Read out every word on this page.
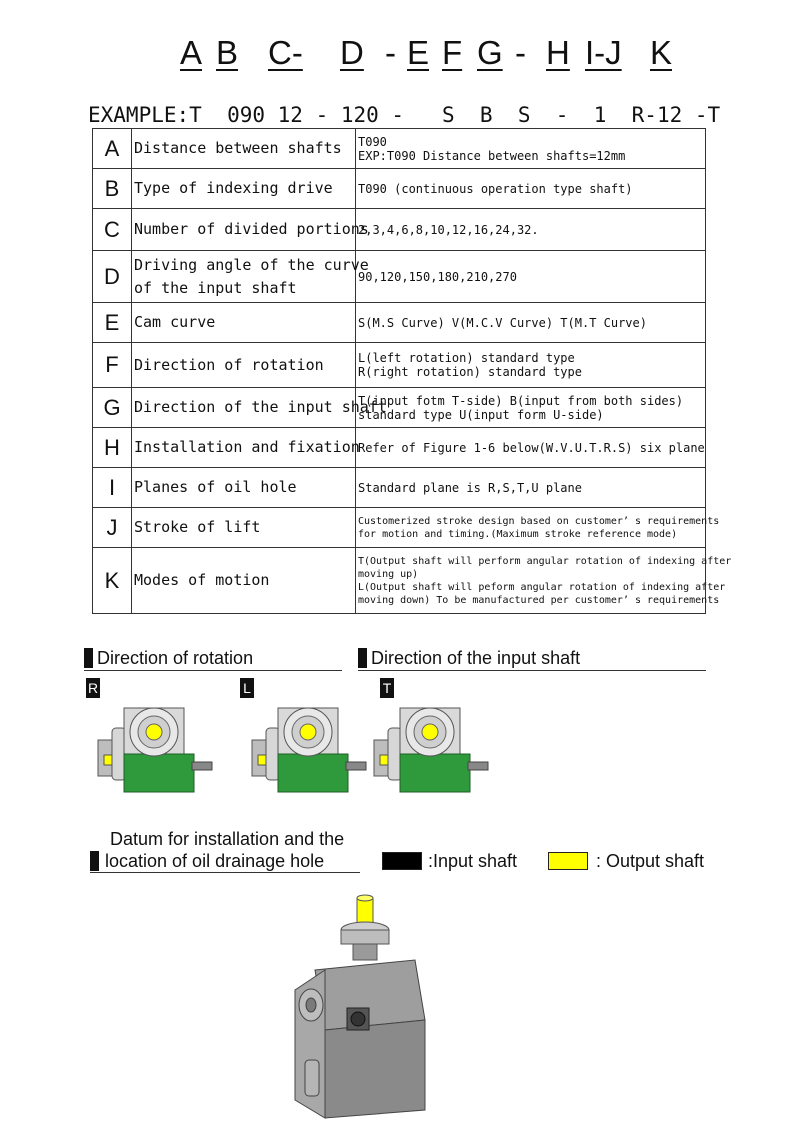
A B C- D - E F G - H I-J K
EXAMPLE:T  090 12 - 120 -   S  B  S  -  1  R-12 -T
A	Distance between shafts	T090
EXP:T090 Distance between shafts=12mm

B	Type of indexing drive	T090 (continuous operation type shaft)

C	Number of divided portions	2,3,4,6,8,10,12,16,24,32.

D	Driving angle of the curve
of the input shaft	90,120,150,180,210,270

E	Cam curve	S(M.S Curve) V(M.C.V Curve) T(M.T Curve)

F	Direction of rotation	L(left rotation) standard type
R(right rotation) standard type

G	Direction of the input shaft	T(input fotm T-side) B(input from both sides)
standard type U(input form U-side)

H	Installation and fixation	Refer of Figure 1-6 below(W.V.U.T.R.S) six plane

I	Planes of oil hole	Standard plane is R,S,T,U plane

J	Stroke of lift	Customerized stroke design based on customer’ s requirements
for motion and timing.(Maximum stroke reference mode)

K	Modes of motion	T(Output shaft will perform angular rotation of indexing after
moving up)
L(Output shaft will peform angular rotation of indexing after
moving down) To be manufactured per customer’ s requirements
Direction of rotation	Direction of the input shaft
R	L	T
Datum for installation and the
location of oil drainage hole	:Input shaft	: Output shaft
